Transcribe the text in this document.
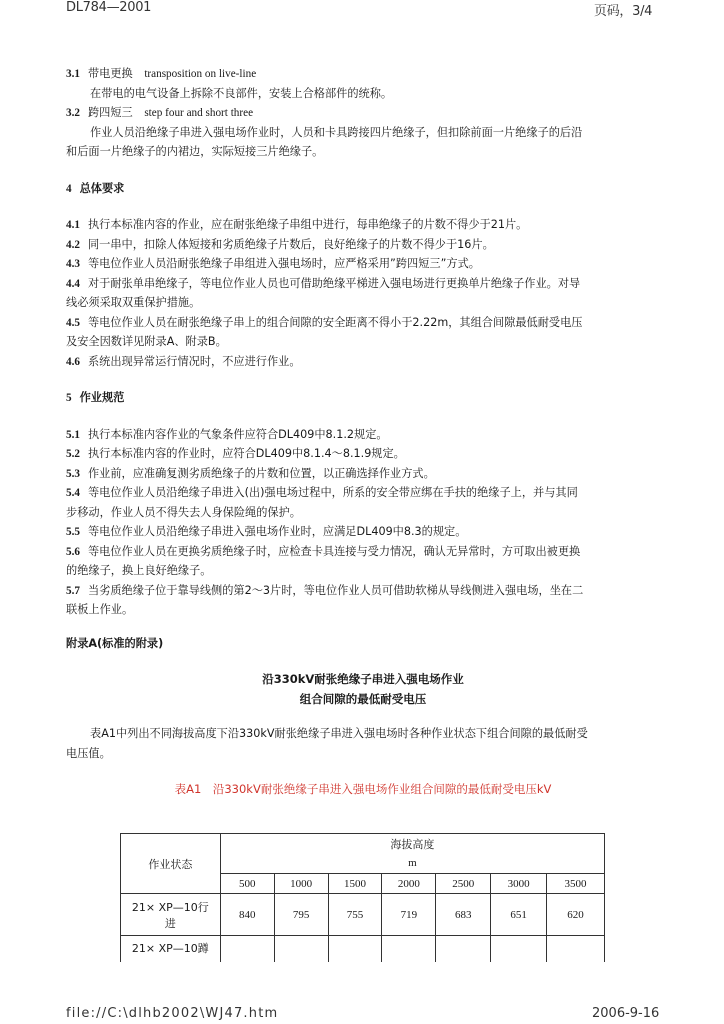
DL784—2001	页码，3/4
3.1 带电更换 transposition on live-line
在带电的电气设备上拆除不良部件，安装上合格部件的统称。
3.2 跨四短三 step four and short three
作业人员沿绝缘子串进入强电场作业时，人员和卡具跨接四片绝缘子，但扣除前面一片绝缘子的后沿
和后面一片绝缘子的内裙边，实际短接三片绝缘子。
4 总体要求
4.1 执行本标准内容的作业，应在耐张绝缘子串组中进行，每串绝缘子的片数不得少于21片。
4.2 同一串中，扣除人体短接和劣质绝缘子片数后，良好绝缘子的片数不得少于16片。
4.3 等电位作业人员沿耐张绝缘子串组进入强电场时，应严格采用”跨四短三”方式。
4.4 对于耐张单串绝缘子，等电位作业人员也可借助绝缘平梯进入强电场进行更换单片绝缘子作业。对导
线必须采取双重保护措施。
4.5 等电位作业人员在耐张绝缘子串上的组合间隙的安全距离不得小于2.22m，其组合间隙最低耐受电压
及安全因数详见附录A、附录B。
4.6 系统出现异常运行情况时，不应进行作业。
5 作业规范
5.1 执行本标准内容作业的气象条件应符合DL409中8.1.2规定。
5.2 执行本标准内容的作业时，应符合DL409中8.1.4～8.1.9规定。
5.3 作业前，应准确复测劣质绝缘子的片数和位置，以正确选择作业方式。
5.4 等电位作业人员沿绝缘子串进入(出)强电场过程中，所系的安全带应绑在手扶的绝缘子上，并与其同
步移动，作业人员不得失去人身保险绳的保护。
5.5 等电位作业人员沿绝缘子串进入强电场作业时，应满足DL409中8.3的规定。
5.6 等电位作业人员在更换劣质绝缘子时，应检查卡具连接与受力情况，确认无异常时，方可取出被更换
的绝缘子，换上良好绝缘子。
5.7 当劣质绝缘子位于靠导线侧的第2～3片时，等电位作业人员可借助软梯从导线侧进入强电场，坐在二
联板上作业。
附录A(标准的附录)
沿330kV耐张绝缘子串进入强电场作业
组合间隙的最低耐受电压
表A1中列出不同海拔高度下沿330kV耐张绝缘子串进入强电场时各种作业状态下组合间隙的最低耐受
电压值。
表A1　沿330kV耐张绝缘子串进入强电场作业组合间隙的最低耐受电压kV
作业状态	海拔高度						
	m						
	500	1000	1500	2000	2500	3000	3500

21× XP—10行
进	840	795	755	719	683	651	620
21× XP—10蹲							
file://C:\dlhb2002\WJ47.htm	2006-9-16
